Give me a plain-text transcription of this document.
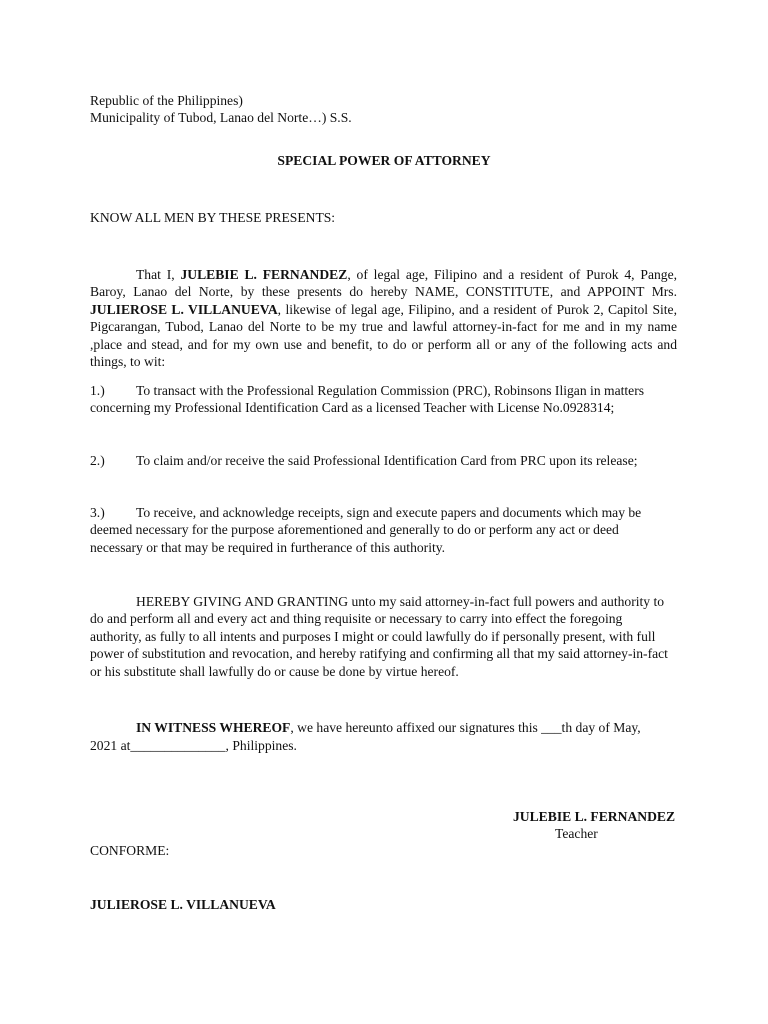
Republic of the Philippines)
Municipality of Tubod, Lanao del Norte…) S.S.
SPECIAL POWER OF ATTORNEY
KNOW ALL MEN BY THESE PRESENTS:
That I, JULEBIE L. FERNANDEZ, of legal age, Filipino and a resident of Purok 4, Pange, Baroy, Lanao del Norte, by these presents do hereby NAME, CONSTITUTE, and APPOINT Mrs. JULIEROSE L. VILLANUEVA, likewise of legal age, Filipino, and a resident of Purok 2, Capitol Site, Pigcarangan, Tubod, Lanao del Norte to be my true and lawful attorney-in-fact for me and in my name ,place and stead, and for my own use and benefit, to do or perform all or any of the following acts and things, to wit:
1.) To transact with the Professional Regulation Commission (PRC), Robinsons Iligan in matters concerning my Professional Identification Card as a licensed Teacher with License No.0928314;
2.) To claim and/or receive the said Professional Identification Card from PRC upon its release;
3.) To receive, and acknowledge receipts, sign and execute papers and documents which may be deemed necessary for the purpose aforementioned and generally to do or perform any act or deed necessary or that may be required in furtherance of this authority.
HEREBY GIVING AND GRANTING unto my said attorney-in-fact full powers and authority to do and perform all and every act and thing requisite or necessary to carry into effect the foregoing authority, as fully to all intents and purposes I might or could lawfully do if personally present, with full power of substitution and revocation, and hereby ratifying and confirming all that my said attorney-in-fact or his substitute shall lawfully do or cause be done by virtue hereof.
IN WITNESS WHEREOF, we have hereunto affixed our signatures this ___th day of May,
2021 at______________, Philippines.
JULEBIE L. FERNANDEZ
Teacher
CONFORME:
JULIEROSE L. VILLANUEVA
